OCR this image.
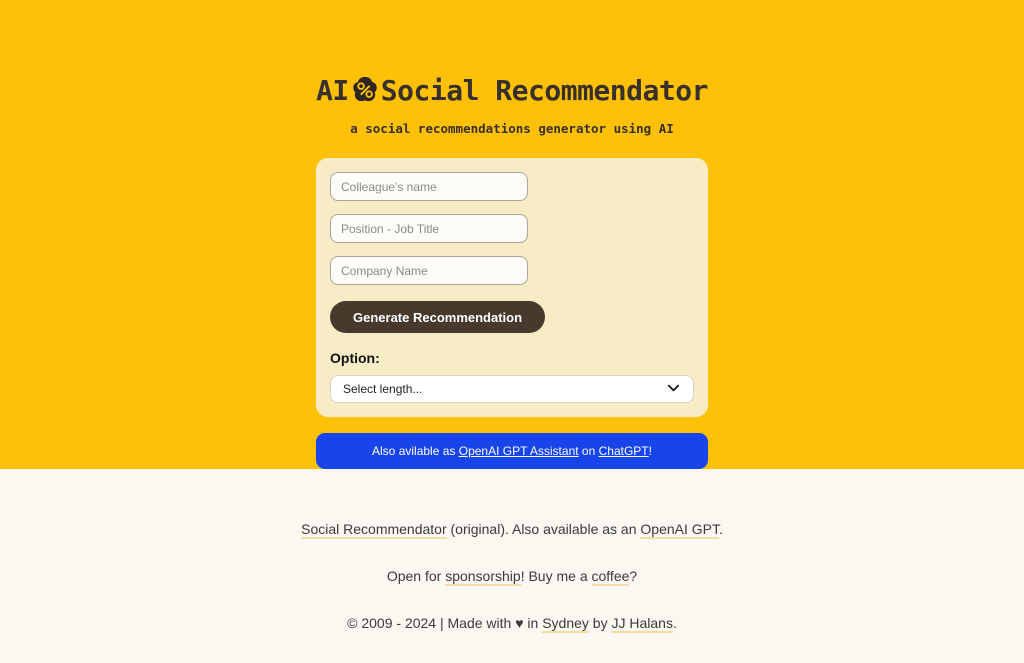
AI Social Recommendator

a social recommendations generator using AI

Colleague's name
Position - Job Title
Company Name Generate Recommendation
Option:
Select length...
Also avilable as OpenAI GPT Assistant on ChatGPT !

Social Recommendator (original). Also available as an OpenAI GPT.

Open for sponsorship! Buy me a coffee?

© 2009 - 2024 | Made with ♥ in Sydney by JJ Halans.
